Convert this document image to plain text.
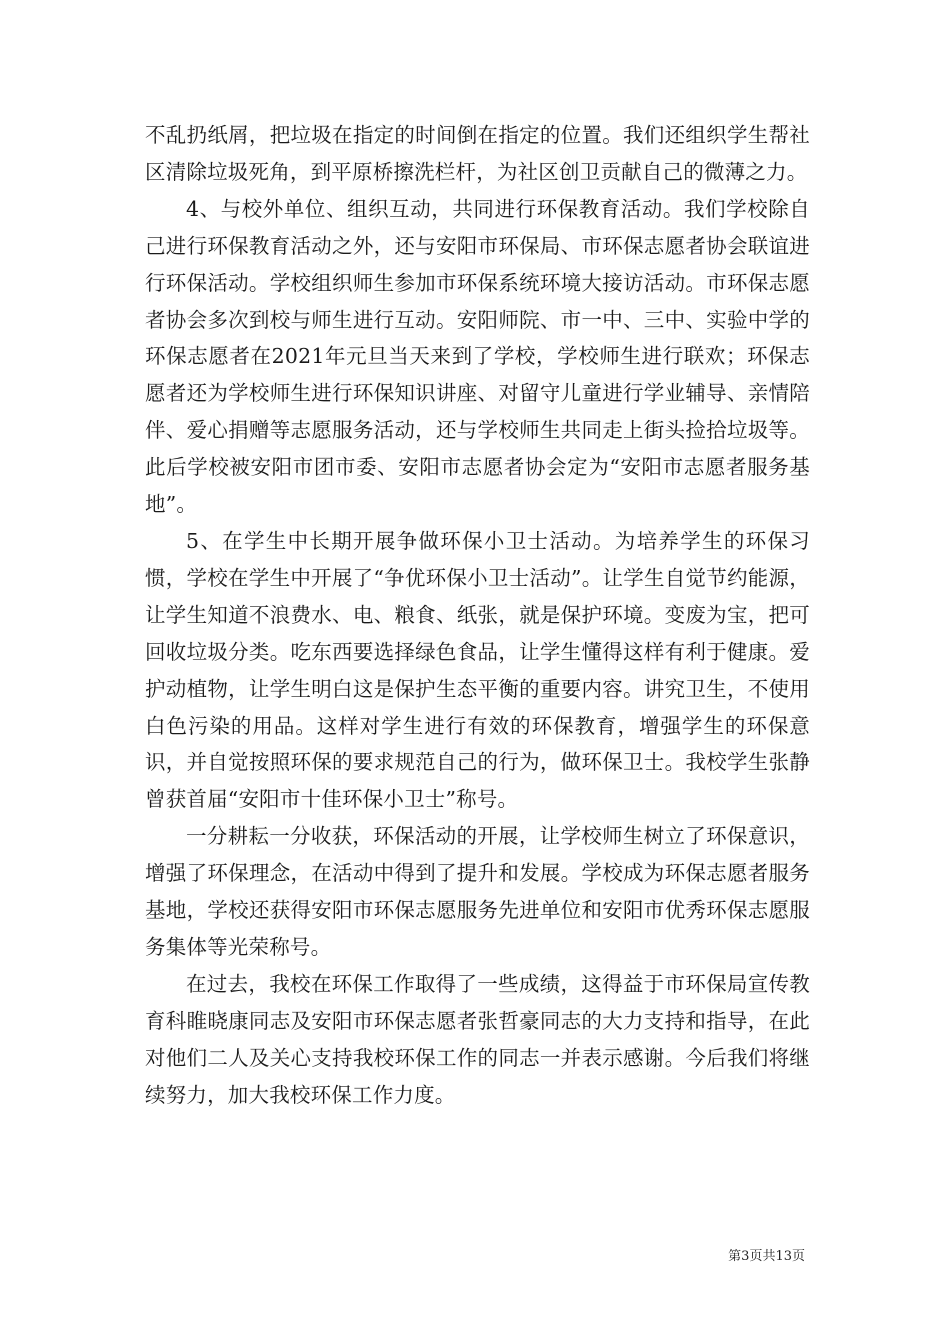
不乱扔纸屑，把垃圾在指定的时间倒在指定的位置。我们还组织学生帮社区清除垃圾死角，到平原桥擦洗栏杆，为社区创卫贡献自己的微薄之力。

4、与校外单位、组织互动，共同进行环保教育活动。我们学校除自己进行环保教育活动之外，还与安阳市环保局、市环保志愿者协会联谊进行环保活动。学校组织师生参加市环保系统环境大接访活动。市环保志愿者协会多次到校与师生进行互动。安阳师院、市一中、三中、实验中学的环保志愿者在2021年元旦当天来到了学校，学校师生进行联欢；环保志愿者还为学校师生进行环保知识讲座、对留守儿童进行学业辅导、亲情陪伴、爱心捐赠等志愿服务活动，还与学校师生共同走上街头捡拾垃圾等。此后学校被安阳市团市委、安阳市志愿者协会定为“安阳市志愿者服务基地”。

5、在学生中长期开展争做环保小卫士活动。为培养学生的环保习惯，学校在学生中开展了“争优环保小卫士活动”。让学生自觉节约能源，让学生知道不浪费水、电、粮食、纸张，就是保护环境。变废为宝，把可回收垃圾分类。吃东西要选择绿色食品，让学生懂得这样有利于健康。爱护动植物，让学生明白这是保护生态平衡的重要内容。讲究卫生，不使用白色污染的用品。这样对学生进行有效的环保教育，增强学生的环保意识，并自觉按照环保的要求规范自己的行为，做环保卫士。我校学生张静曾获首届“安阳市十佳环保小卫士”称号。

一分耕耘一分收获，环保活动的开展，让学校师生树立了环保意识，增强了环保理念，在活动中得到了提升和发展。学校成为环保志愿者服务基地，学校还获得安阳市环保志愿服务先进单位和安阳市优秀环保志愿服务集体等光荣称号。

在过去，我校在环保工作取得了一些成绩，这得益于市环保局宣传教育科睢晓康同志及安阳市环保志愿者张哲豪同志的大力支持和指导，在此对他们二人及关心支持我校环保工作的同志一并表示感谢。今后我们将继续努力，加大我校环保工作力度。

第3页共13页
